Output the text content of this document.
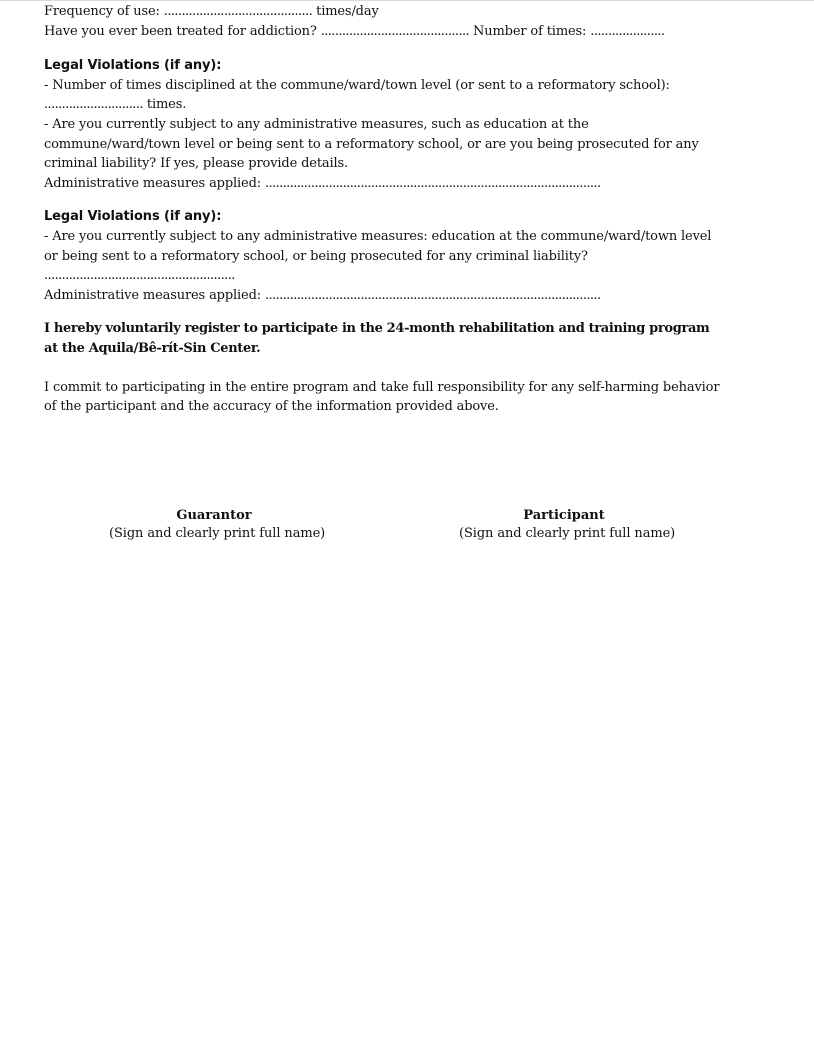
Frequency of use: .......................................... times/day
Have you ever been treated for addiction? .......................................... Number of times: .....................
Legal Violations (if any):
- Number of times disciplined at the commune/ward/town level (or sent to a reformatory school):
............................ times.
- Are you currently subject to any administrative measures, such as education at the commune/ward/town level or being sent to a reformatory school, or are you being prosecuted for any criminal liability? If yes, please provide details.
Administrative measures applied: ...............................................................................................
Legal Violations (if any):
- Are you currently subject to any administrative measures: education at the commune/ward/town level or being sent to a reformatory school, or being prosecuted for any criminal liability?
......................................................
Administrative measures applied: ...............................................................................................
I hereby voluntarily register to participate in the 24-month rehabilitation and training program at the Aquila/Bê-rít-Sin Center.
I commit to participating in the entire program and take full responsibility for any self-harming behavior of the participant and the accuracy of the information provided above.
Guarantor
(Sign and clearly print full name)
Participant
(Sign and clearly print full name)
